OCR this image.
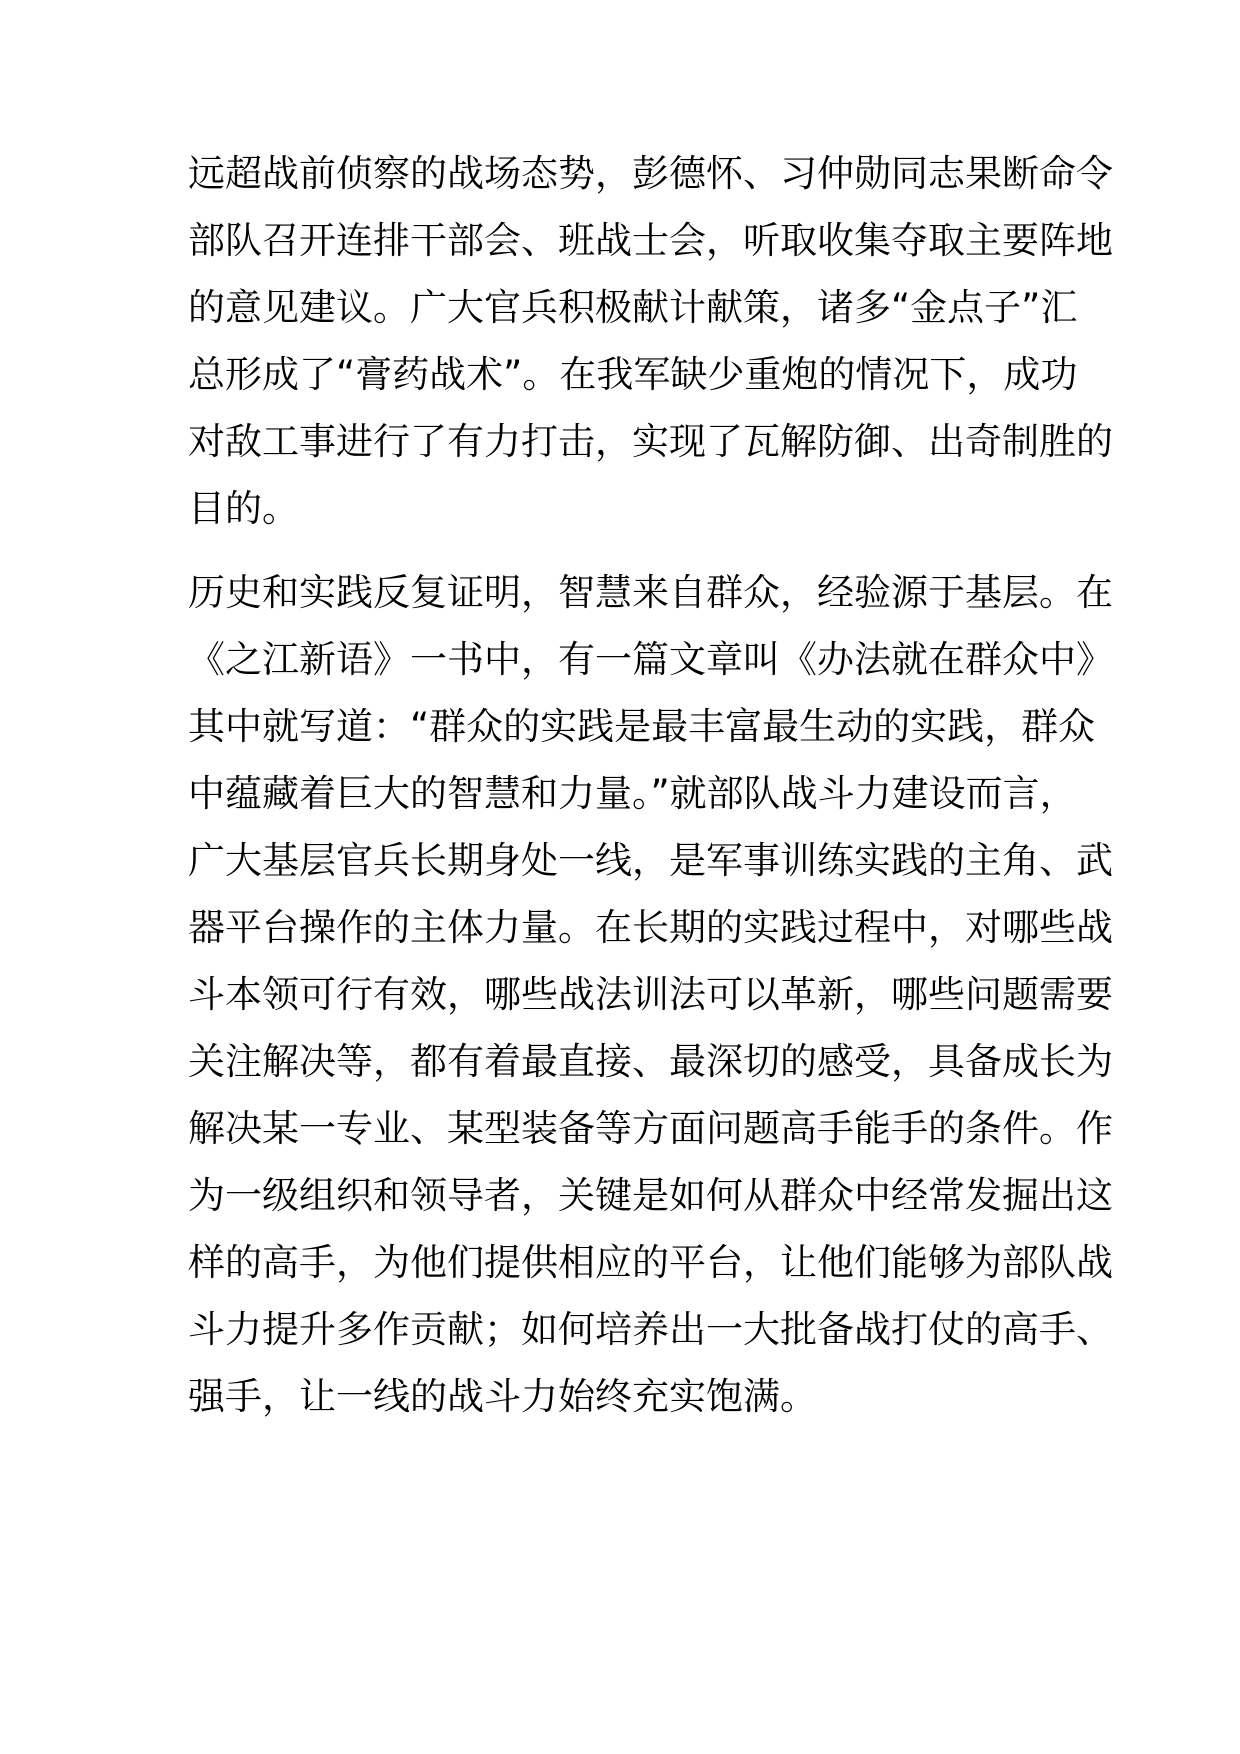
远超战前侦察的战场态势，彭德怀、习仲勋同志果断命令

部队召开连排干部会、班战士会，听取收集夺取主要阵地

的意见建议。广大官兵积极献计献策，诸多“金点子”汇

总形成了“膏药战术”。在我军缺少重炮的情况下，成功

对敌工事进行了有力打击，实现了瓦解防御、出奇制胜的

目的。

历史和实践反复证明，智慧来自群众，经验源于基层。在

《之江新语》一书中，有一篇文章叫《办法就在群众中》

其中就写道：“群众的实践是最丰富最生动的实践，群众

中蕴藏着巨大的智慧和力量。”就部队战斗力建设而言，

广大基层官兵长期身处一线，是军事训练实践的主角、武

器平台操作的主体力量。在长期的实践过程中，对哪些战

斗本领可行有效，哪些战法训法可以革新，哪些问题需要

关注解决等，都有着最直接、最深切的感受，具备成长为

解决某一专业、某型装备等方面问题高手能手的条件。作

为一级组织和领导者，关键是如何从群众中经常发掘出这

样的高手，为他们提供相应的平台，让他们能够为部队战

斗力提升多作贡献；如何培养出一大批备战打仗的高手、

强手，让一线的战斗力始终充实饱满。
